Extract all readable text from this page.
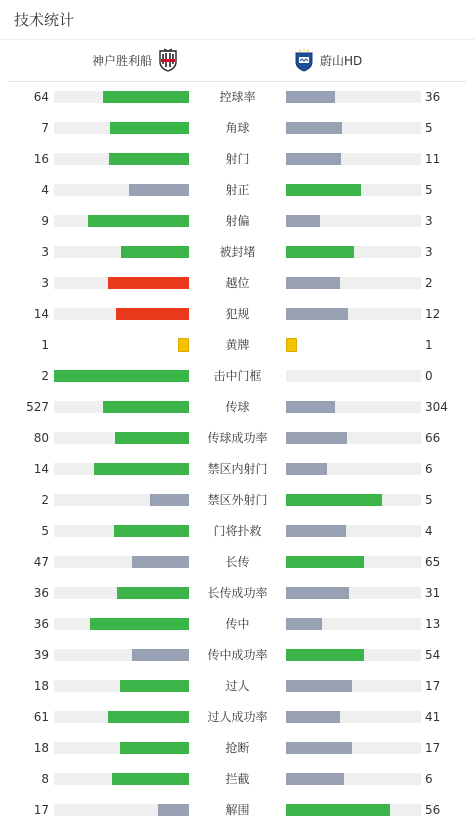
技术统计
神户胜利船	蔚山HD
64	控球率	36
7	角球	5
16	射门	11
4	射正	5
9	射偏	3
3	被封堵	3
3	越位	2
14	犯规	12
1	黄牌	1
2	击中门框	0
527	传球	304
80	传球成功率	66
14	禁区内射门	6
2	禁区外射门	5
5	门将扑救	4
47	长传	65
36	长传成功率	31
36	传中	13
39	传中成功率	54
18	过人	17
61	过人成功率	41
18	抢断	17
8	拦截	6
17	解围	56
